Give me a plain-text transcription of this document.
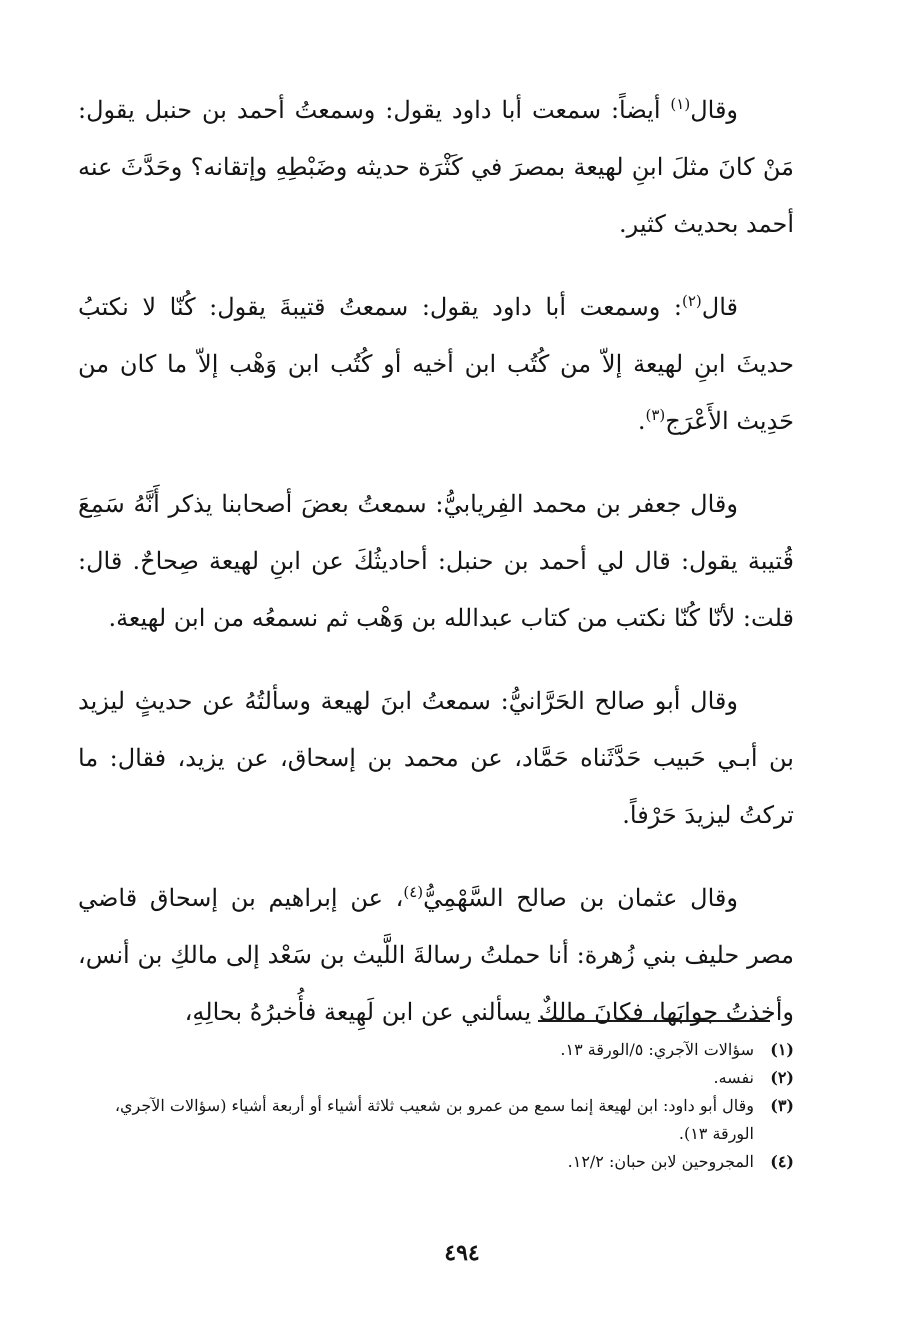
وقال$^{(١)}$ أيضاً: سمعت أبا داود يقول: وسمعتُ أحمد بن حنبل يقول: مَنْ كانَ مثلَ ابنِ لهيعة بمصرَ في كَثْرَة حديثه وضَبْطِهِ وإتقانه؟ وحَدَّثَ عنه أحمد بحديث كثير.

قال$^{(٢)}$: وسمعت أبا داود يقول: سمعتُ قتيبةَ يقول: كُنّا لا نكتبُ حديثَ ابنِ لهيعة إلاّ من كُتُب ابن أخيه أو كُتُب ابن وَهْب إلاّ ما كان من حَدِيث الأَعْرَج$^{(٣)}$.

وقال جعفر بن محمد الفِريابيُّ: سمعتُ بعضَ أصحابنا يذكر أَنَّهُ سَمِعَ قُتيبة يقول: قال لي أحمد بن حنبل: أحاديثُكَ عن ابنِ لهيعة صِحاحٌ. قال: قلت: لأنّا كُنّا نكتب من كتاب عبدالله بن وَهْب ثم نسمعُه من ابن لهيعة.

وقال أبو صالح الحَرَّانيُّ: سمعتُ ابنَ لهيعة وسألتُهُ عن حديثٍ ليزيد بن أبـي حَبيب حَدَّثَناه حَمَّاد، عن محمد بن إسحاق، عن يزيد، فقال: ما تركتُ ليزيدَ حَرْفاً.

وقال عثمان بن صالح السَّهْمِيُّ$^{(٤)}$، عن إبراهيم بن إسحاق قاضي مصر حليف بني زُهرة: أنا حملتُ رسالةَ اللَّيث بن سَعْد إلى مالكِ بن أنس، وأخذتُ جوابَها، فكانَ مالكٌ يسألني عن ابن لَهِيعة فأُخبرُهُ بحالِهِ،

(١)
سؤالات الآجري: ٥/الورقة ١٣.

(٢)
نفسه.

(٣)
وقال أبو داود: ابن لهيعة إنما سمع من عمرو بن شعيب ثلاثة أشياء أو أربعة أشياء (سؤالات الآجري، الورقة ١٣).

(٤)
المجروحين لابن حبان: ١٢/٢.

٤٩٤
